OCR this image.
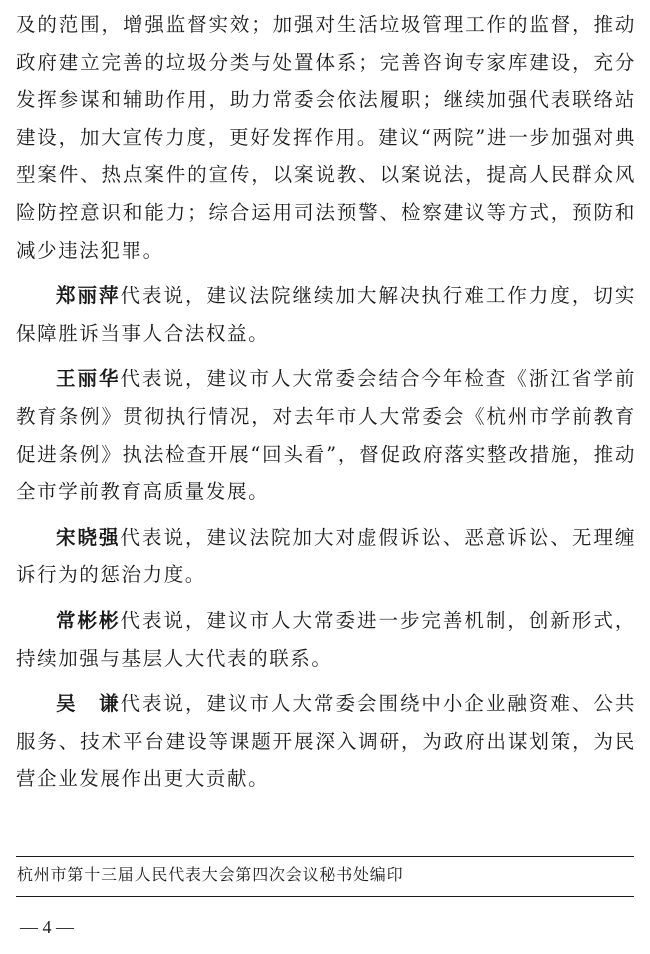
及的范围，增强监督实效；加强对生活垃圾管理工作的监督，推动政府建立完善的垃圾分类与处置体系；完善咨询专家库建设，充分发挥参谋和辅助作用，助力常委会依法履职；继续加强代表联络站建设，加大宣传力度，更好发挥作用。建议“两院”进一步加强对典型案件、热点案件的宣传，以案说教、以案说法，提高人民群众风险防控意识和能力；综合运用司法预警、检察建议等方式，预防和减少违法犯罪。

郑丽萍代表说，建议法院继续加大解决执行难工作力度，切实保障胜诉当事人合法权益。

王丽华代表说，建议市人大常委会结合今年检查《浙江省学前教育条例》贯彻执行情况，对去年市人大常委会《杭州市学前教育促进条例》执法检查开展“回头看”，督促政府落实整改措施，推动全市学前教育高质量发展。

宋晓强代表说，建议法院加大对虚假诉讼、恶意诉讼、无理缠诉行为的惩治力度。

常彬彬代表说，建议市人大常委进一步完善机制，创新形式，持续加强与基层人大代表的联系。

吴　谦代表说，建议市人大常委会围绕中小企业融资难、公共服务、技术平台建设等课题开展深入调研，为政府出谋划策，为民营企业发展作出更大贡献。

杭州市第十三届人民代表大会第四次会议秘书处编印
— 4 —
